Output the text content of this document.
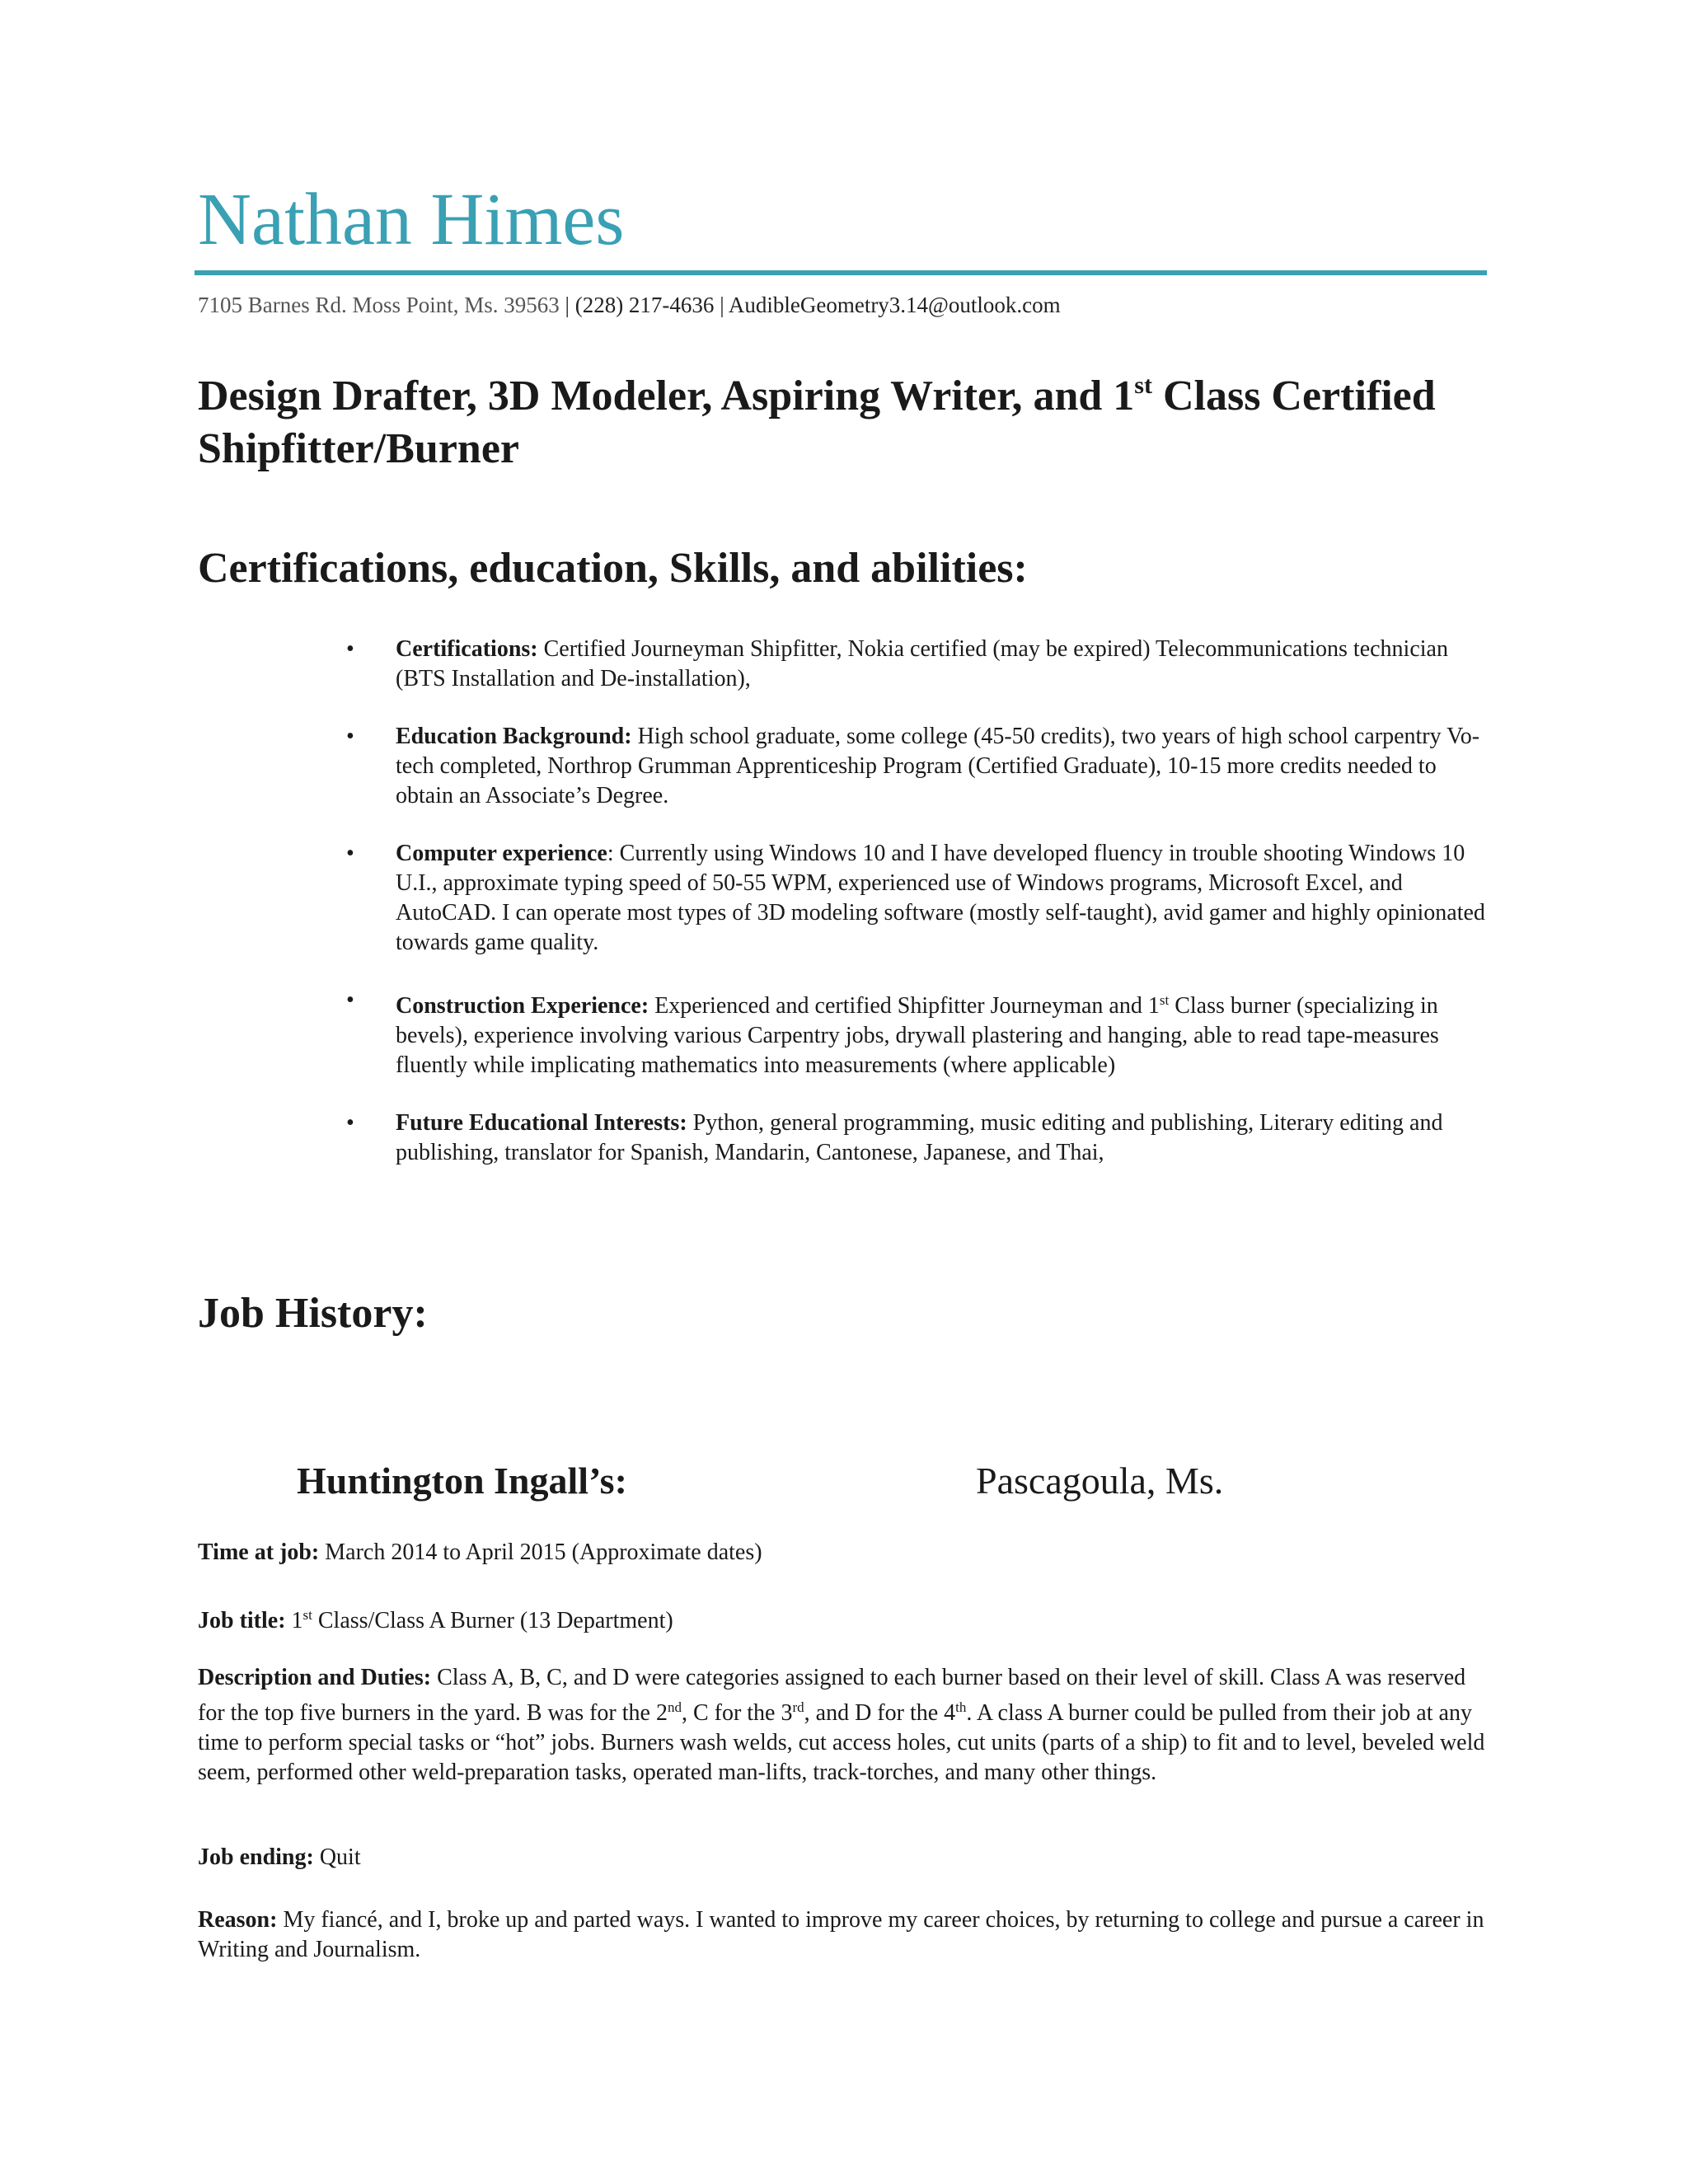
Nathan Himes
7105 Barnes Rd. Moss Point, Ms. 39563 | (228) 217-4636 | AudibleGeometry3.14@outlook.com
Design Drafter, 3D Modeler, Aspiring Writer, and 1st Class Certified Shipfitter/Burner
Certifications, education, Skills, and abilities:
• Certifications: Certified Journeyman Shipfitter, Nokia certified (may be expired) Telecommunications technician (BTS Installation and De-installation),
• Education Background: High school graduate, some college (45-50 credits), two years of high school carpentry Vo-tech completed, Northrop Grumman Apprenticeship Program (Certified Graduate), 10-15 more credits needed to obtain an Associate’s Degree.
• Computer experience: Currently using Windows 10 and I have developed fluency in trouble shooting Windows 10 U.I., approximate typing speed of 50-55 WPM, experienced use of Windows programs, Microsoft Excel, and AutoCAD. I can operate most types of 3D modeling software (mostly self-taught), avid gamer and highly opinionated towards game quality.
• Construction Experience: Experienced and certified Shipfitter Journeyman and 1st Class burner (specializing in bevels), experience involving various Carpentry jobs, drywall plastering and hanging, able to read tape-measures fluently while implicating mathematics into measurements (where applicable)
• Future Educational Interests: Python, general programming, music editing and publishing, Literary editing and publishing, translator for Spanish, Mandarin, Cantonese, Japanese, and Thai,
Job History:
Huntington Ingall’s:	Pascagoula, Ms.

Time at job: March 2014 to April 2015 (Approximate dates)

Job title: 1st Class/Class A Burner (13 Department)

Description and Duties: Class A, B, C, and D were categories assigned to each burner based on their level of skill. Class A was reserved for the top five burners in the yard. B was for the 2nd, C for the 3rd, and D for the 4th. A class A burner could be pulled from their job at any time to perform special tasks or “hot” jobs. Burners wash welds, cut access holes, cut units (parts of a ship) to fit and to level, beveled weld seem, performed other weld-preparation tasks, operated man-lifts, track-torches, and many other things.

Job ending: Quit

Reason: My fiancé, and I, broke up and parted ways. I wanted to improve my career choices, by returning to college and pursue a career in Writing and Journalism.
